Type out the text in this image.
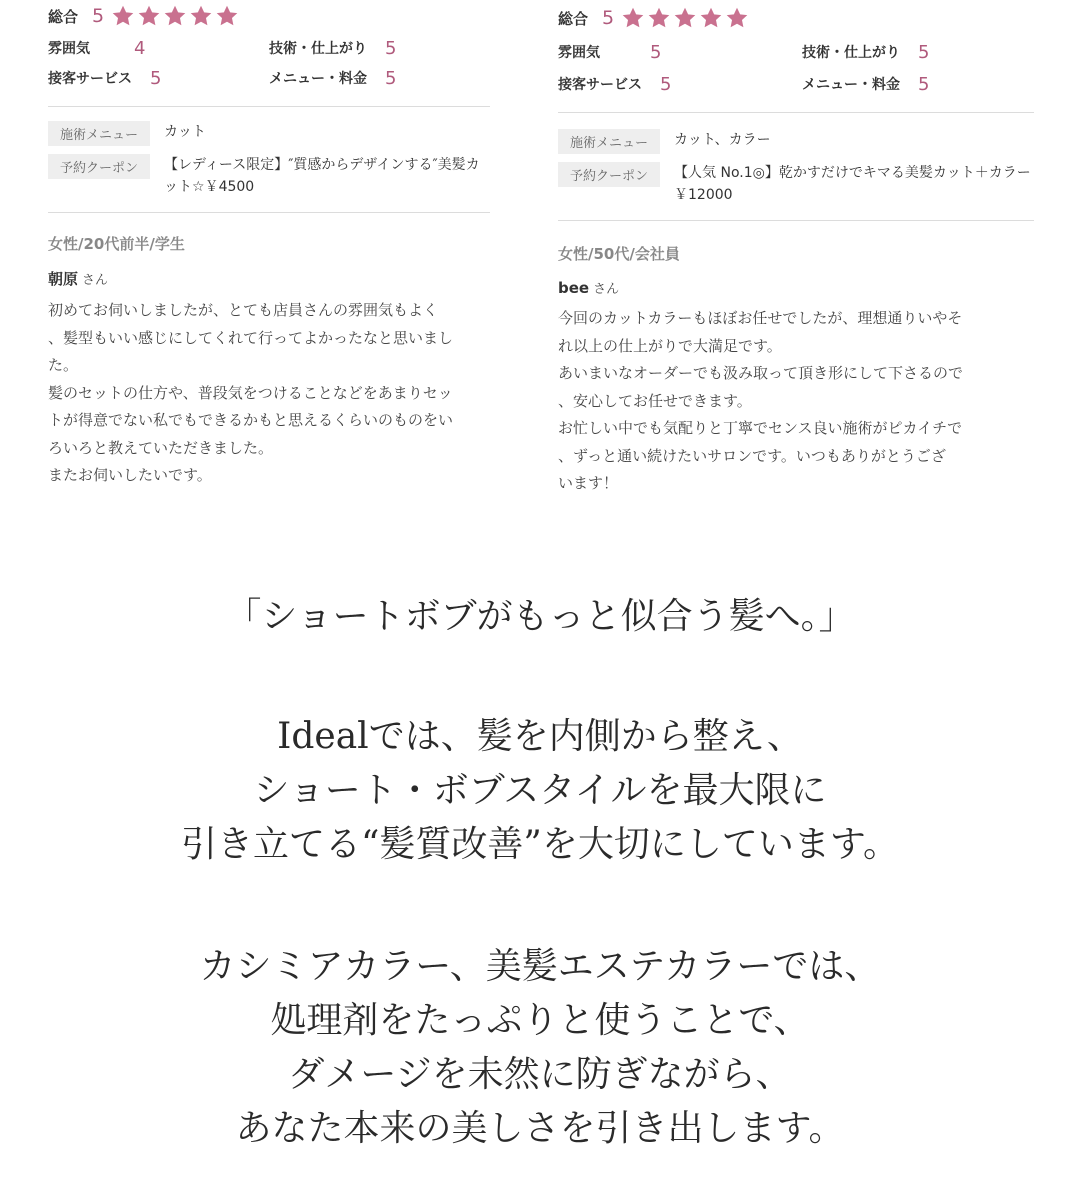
総合 5
雰囲気 4	技術・仕上がり 5
接客サービス 5	メニュー・料金 5
施術メニュー	カット
予約クーポン	【レディース限定】″質感からデザインする″美髪カット☆￥4500
女性/20代前半/学生
朝原 さん
初めてお伺いしましたが、とても店員さんの雰囲気もよく
、髪型もいい感じにしてくれて行ってよかったなと思いまし
た。
髪のセットの仕方や、普段気をつけることなどをあまりセッ
トが得意でない私でもできるかもと思えるくらいのものをい
ろいろと教えていただきました。
またお伺いしたいです。
総合 5
雰囲気	5	技術・仕上がり 5
接客サービス 5	メニュー・料金 5
施術メニュー	カット、カラー
予約クーポン	【人気 No.1◎】乾かすだけでキマる美髪カット＋カラー￥12000
女性/50代/会社員
bee さん
今回のカットカラーもほぼお任せでしたが、理想通りいやそ
れ以上の仕上がりで大満足です。
あいまいなオーダーでも汲み取って頂き形にして下さるので
、安心してお任せできます。
お忙しい中でも気配りと丁寧でセンス良い施術がピカイチで
、ずっと通い続けたいサロンです。いつもありがとうござ
います！
「ショートボブがもっと似合う髪へ。」
Idealでは、髪を内側から整え、
ショート・ボブスタイルを最大限に
引き立てる“髪質改善”を大切にしています。
カシミアカラー、美髪エステカラーでは、
処理剤をたっぷりと使うことで、
ダメージを未然に防ぎながら、
あなた本来の美しさを引き出します。
